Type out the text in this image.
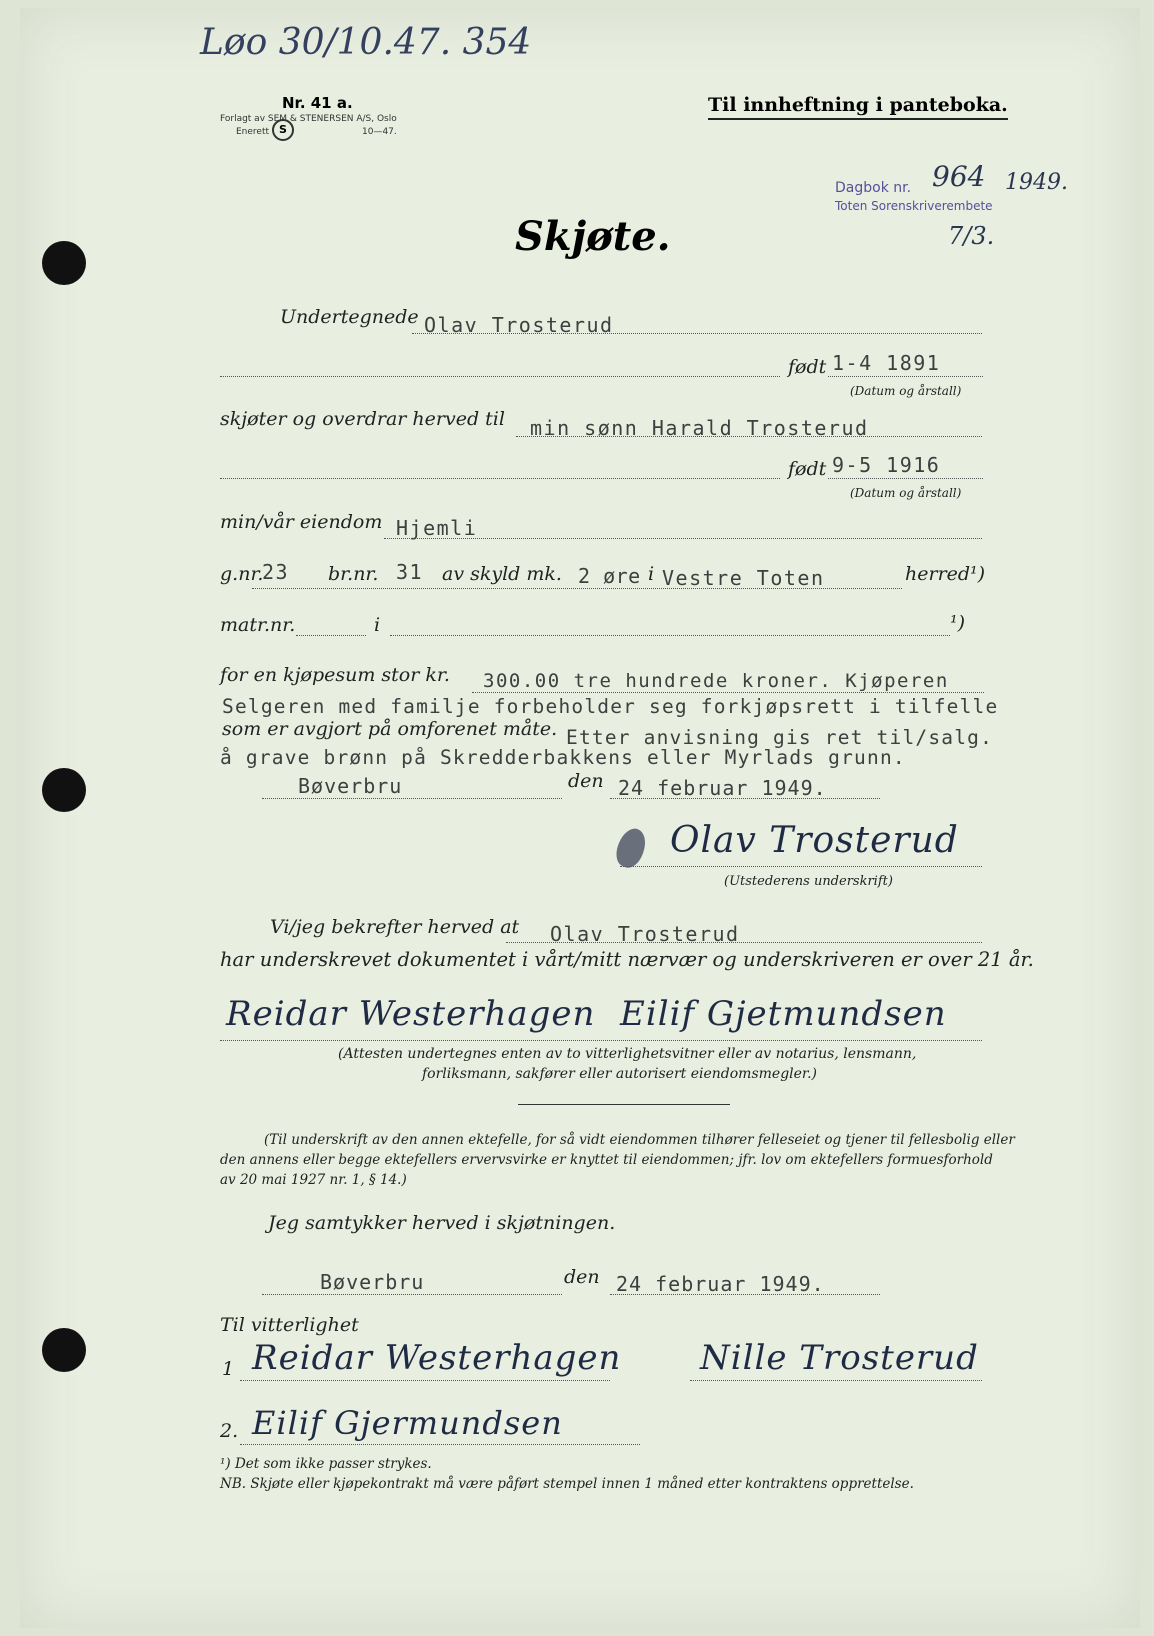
Løo 30/10.47. 354
Nr. 41 a.
Forlagt av SEM & STENERSEN A/S, Oslo
Enerett S	10—47.
Til innheftning i panteboka.
Dagbok nr. 964 1949.
Toten Sorenskriverembete
7/3.
Skjøte.
Undertegnede Olav Trosterud
født 1-4 1891
(Datum og årstall)
skjøter og overdrar herved til min sønn Harald Trosterud
født 9-5 1916
(Datum og årstall)
min/vår eiendom Hjemli
g.nr.
23 br.nr. 31 av skyld mk. 2 øre i Vestre Toten	herred¹)
matr.nr.	i	¹)
for en kjøpesum stor kr. 300.00 tre hundrede kroner. Kjøperen
Selgeren med familje forbeholder seg forkjøpsrett i tilfelle
som er avgjort på omforenet måte. Etter anvisning gis ret til/salg.
å grave brønn på Skredderbakkens eller Myrlads grunn.
Bøverbru	den 24 februar 1949.
Olav Trosterud
(Utstederens underskrift)
Vi/jeg bekrefter herved at Olav Trosterud
har underskrevet dokumentet i vårt/mitt nærvær og underskriveren er over 21 år.
Reidar Westerhagen Eilif Gjetmundsen
(Attesten undertegnes enten av to vitterlighetsvitner eller av notarius, lensmann,
forliksmann, sakfører eller autorisert eiendomsmegler.)
(Til underskrift av den annen ektefelle, for så vidt eiendommen tilhører felleseiet og tjener til fellesbolig eller
den annens eller begge ektefellers ervervsvirke er knyttet til eiendommen; jfr. lov om ektefellers formuesforhold
av 20 mai 1927 nr. 1, § 14.)
Jeg samtykker herved i skjøtningen.
Bøverbru	den 24 februar 1949.
Til vitterlighet
1 Reidar Westerhagen Nille Trosterud
2. Eilif Gjermundsen
¹) Det som ikke passer strykes.
NB. Skjøte eller kjøpekontrakt må være påført stempel innen 1 måned etter kontraktens opprettelse.
